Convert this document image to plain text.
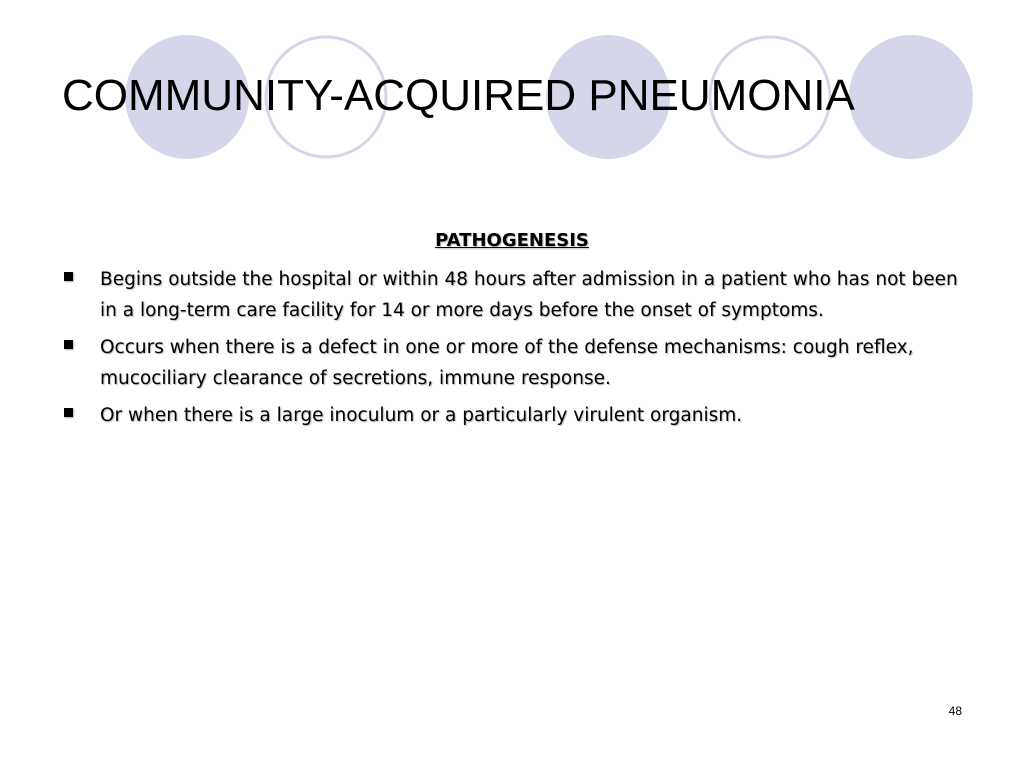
COMMUNITY-ACQUIRED PNEUMONIA
PATHOGENESIS
Begins outside the hospital or within 48 hours after admission in a patient who has not been in a long-term care facility for 14 or more days before the onset of symptoms.
Occurs when there is a defect in one or more of the defense mechanisms: cough reflex, mucociliary clearance of secretions, immune response.
Or when there is a large inoculum or a particularly virulent organism.
48
